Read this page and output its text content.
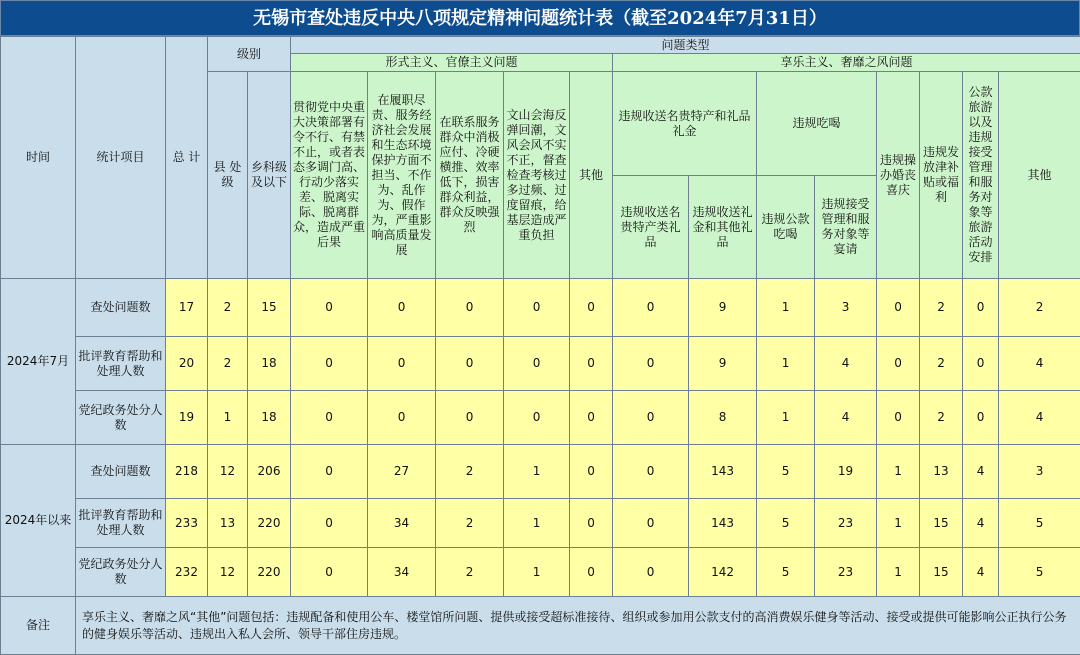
无锡市查处违反中央八项规定精神问题统计表（截至2024年7月31日）
时间	统计项目	总 计	级别		问题类型												
					形式主义、官僚主义问题					享乐主义、奢靡之风问题							
			县 处 级	乡科级及以下	贯彻党中央重大决策部署有令不行、有禁不止，或者表态多调门高、行动少落实差、脱离实际、脱离群众，造成严重后果	在履职尽责、服务经济社会发展和生态环境保护方面不担当、不作为、乱作为、假作为，严重影响高质量发展	在联系服务群众中消极应付、冷硬横推、效率低下，损害群众利益，群众反映强烈	文山会海反弹回潮，文风会风不实不正，督查检查考核过多过频、过度留痕，给基层造成严重负担	其他	违规收送名贵特产和礼品礼金		违规吃喝		违规操办婚丧喜庆	违规发放津补贴或福利	公款旅游以及违规接受管理和服务对象等旅游活动安排	其他
										违规收送名贵特产类礼品	违规收送礼金和其他礼品	违规公款吃喝	违规接受管理和服务对象等宴请				
2024年7月	查处问题数	17	2	15	0	0	0	0	0	0	9	1	3	0	2	0	2
	批评教育帮助和处理人数	20	2	18	0	0	0	0	0	0	9	1	4	0	2	0	4
	党纪政务处分人数	19	1	18	0	0	0	0	0	0	8	1	4	0	2	0	4
2024年以来	查处问题数	218	12	206	0	27	2	1	0	0	143	5	19	1	13	4	3
	批评教育帮助和处理人数	233	13	220	0	34	2	1	0	0	143	5	23	1	15	4	5
	党纪政务处分人数	232	12	220	0	34	2	1	0	0	142	5	23	1	15	4	5
备注	享乐主义、奢靡之风“其他”问题包括：违规配备和使用公车、楼堂馆所问题、提供或接受超标准接待、组织或参加用公款支付的高消费娱乐健身等活动、接受或提供可能影响公正执行公务的健身娱乐等活动、违规出入私人会所、领导干部住房违规。																
